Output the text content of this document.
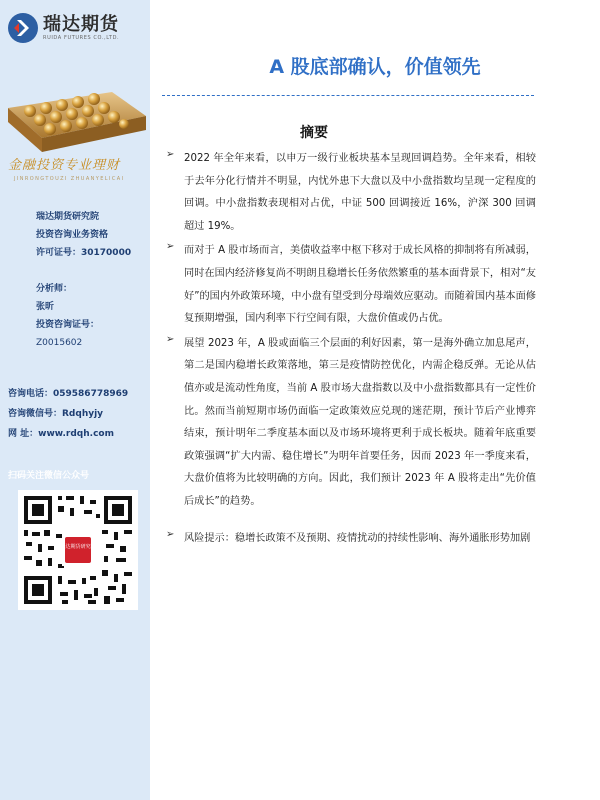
瑞达期货
RUIDA FUTURES CO.,LTD.
金融投资专业理财
JINRONGTOUZI ZHUANYELICAI
瑞达期货研究院
投资咨询业务资格
许可证号：30170000
分析师：
张昕
投资咨询证号：
Z0015602
咨询电话：059586778969
咨询微信号：Rdqhyjy
网 址：www.rdqh.com
扫码关注微信公众号
瑞达期货研究院
A 股底部确认，价值领先
摘要
➢ 2022 年全年来看，以申万一级行业板块基本呈现回调趋势。全年来看，相较于去年分化行情并不明显，内忧外患下大盘以及中小盘指数均呈现一定程度的回调。中小盘指数表现相对占优，中证 500 回调接近 16%，沪深 300 回调超过 19%。

➢ 而对于 A 股市场而言，美债收益率中枢下移对于成长风格的抑制将有所减弱，同时在国内经济修复尚不明朗且稳增长任务依然繁重的基本面背景下，相对“友好”的国内外政策环境，中小盘有望受到分母端效应驱动。而随着国内基本面修复预期增强，国内利率下行空间有限，大盘价值或仍占优。

➢ 展望 2023 年，A 股或面临三个层面的利好因素，第一是海外确立加息尾声，第二是国内稳增长政策落地，第三是疫情防控优化，内需企稳反弹。无论从估值亦或是流动性角度，当前 A 股市场大盘指数以及中小盘指数都具有一定性价比。然而当前短期市场仍面临一定政策效应兑现的迷茫期，预计节后产业博弈结束，预计明年二季度基本面以及市场环境将更利于成长板块。随着年底重要政策强调“扩大内需、稳住增长”为明年首要任务，因而 2023 年一季度来看，大盘价值将为比较明确的方向。因此，我们预计 2023 年 A 股将走出“先价值后成长”的趋势。

➢ 风险提示：稳增长政策不及预期、疫情扰动的持续性影响、海外通胀形势加剧
